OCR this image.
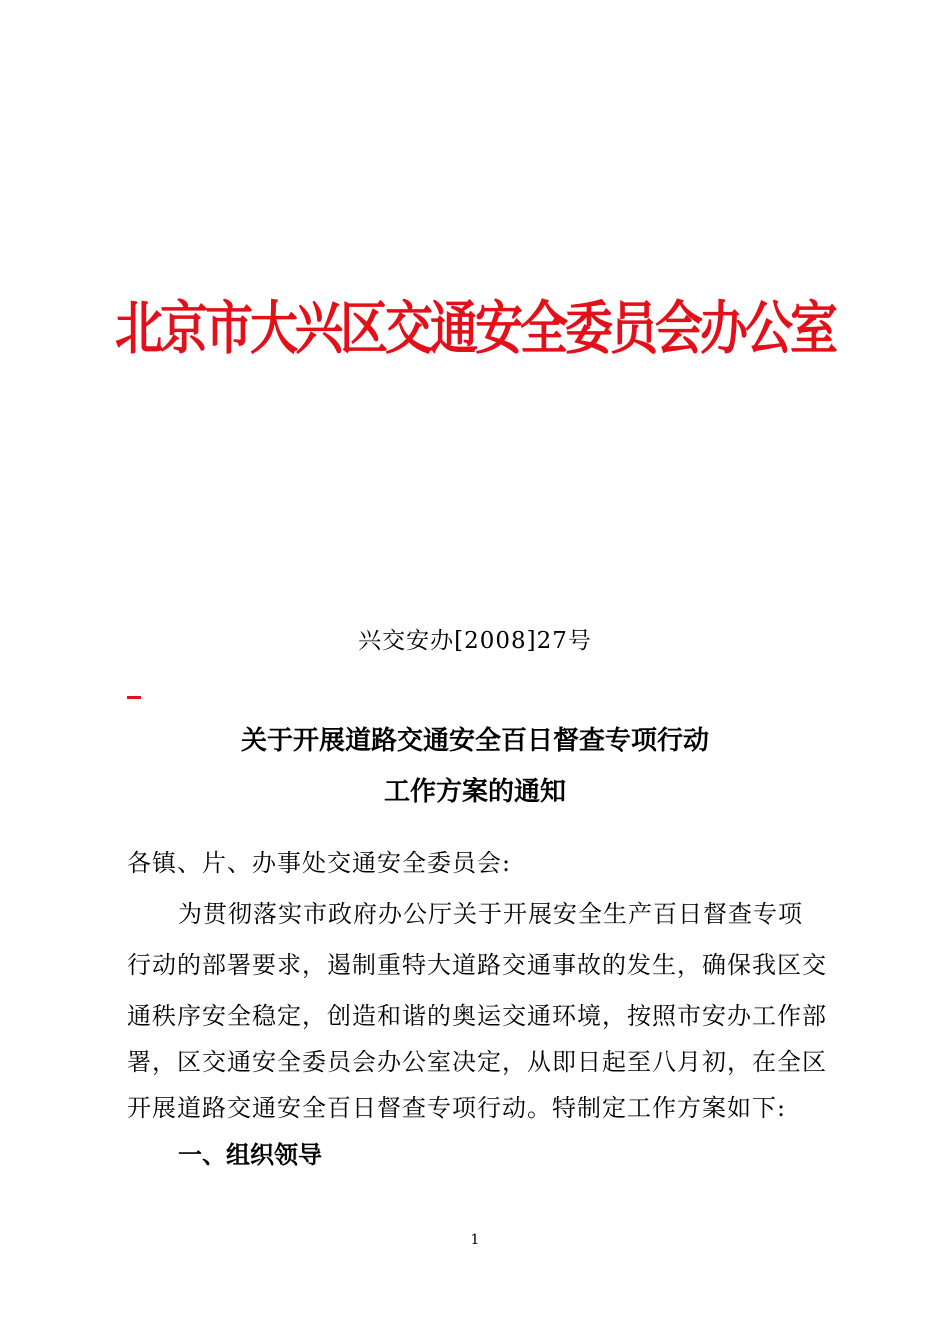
北京市大兴区交通安全委员会办公室
兴交安办[2008]27号
关于开展道路交通安全百日督查专项行动
工作方案的通知
各镇、片、办事处交通安全委员会:
为贯彻落实市政府办公厅关于开展安全生产百日督查专项
行动的部署要求，遏制重特大道路交通事故的发生，确保我区交
通秩序安全稳定，创造和谐的奥运交通环境，按照市安办工作部
署，区交通安全委员会办公室决定，从即日起至八月初，在全区
开展道路交通安全百日督查专项行动。特制定工作方案如下:
一、组织领导
1
